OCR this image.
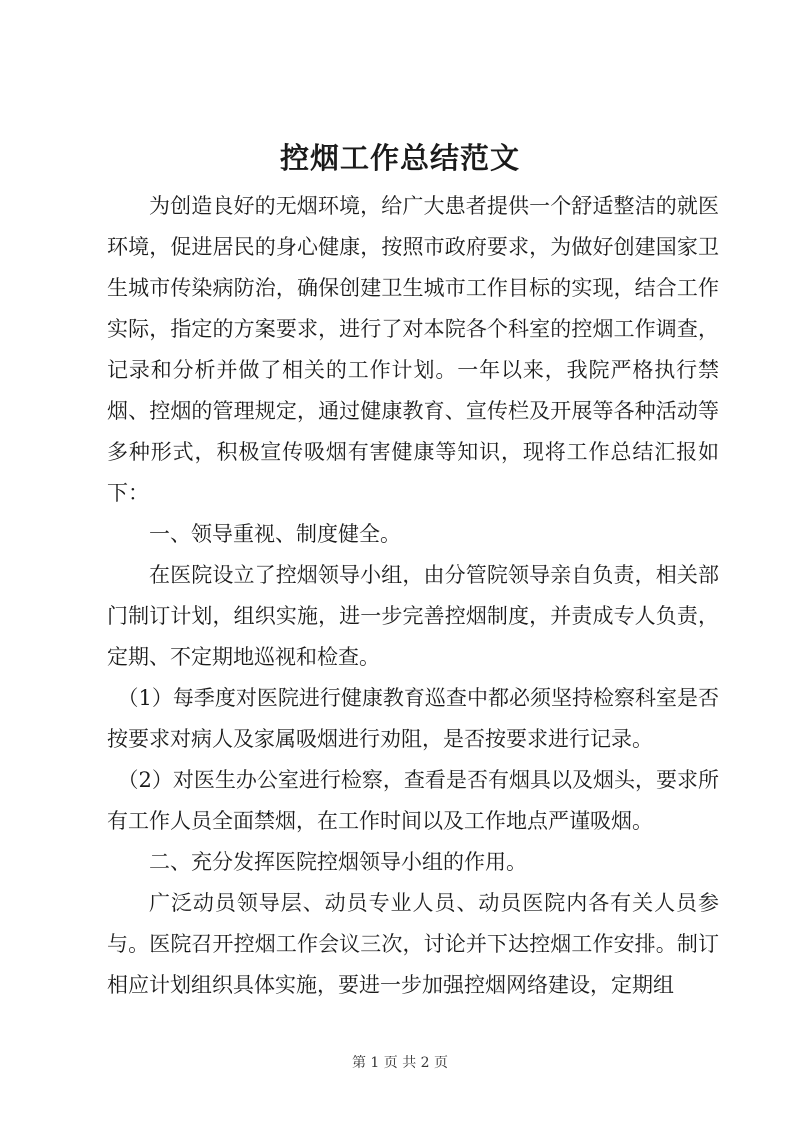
控烟工作总结范文

为创造良好的无烟环境，给广大患者提供一个舒适整洁的就医环境，促进居民的身心健康，按照市政府要求，为做好创建国家卫生城市传染病防治，确保创建卫生城市工作目标的实现，结合工作实际，指定的方案要求，进行了对本院各个科室的控烟工作调查，记录和分析并做了相关的工作计划。一年以来，我院严格执行禁烟、控烟的管理规定，通过健康教育、宣传栏及开展等各种活动等多种形式，积极宣传吸烟有害健康等知识，现将工作总结汇报如下：

一、领导重视、制度健全。

在医院设立了控烟领导小组，由分管院领导亲自负责，相关部门制订计划，组织实施，进一步完善控烟制度，并责成专人负责，定期、不定期地巡视和检查。

（1）每季度对医院进行健康教育巡查中都必须坚持检察科室是否按要求对病人及家属吸烟进行劝阻，是否按要求进行记录。

（2）对医生办公室进行检察，查看是否有烟具以及烟头，要求所有工作人员全面禁烟，在工作时间以及工作地点严谨吸烟。

二、充分发挥医院控烟领导小组的作用。

广泛动员领导层、动员专业人员、动员医院内各有关人员参与。医院召开控烟工作会议三次，讨论并下达控烟工作安排。制订相应计划组织具体实施，要进一步加强控烟网络建设，定期组

第 1 页 共 2 页
